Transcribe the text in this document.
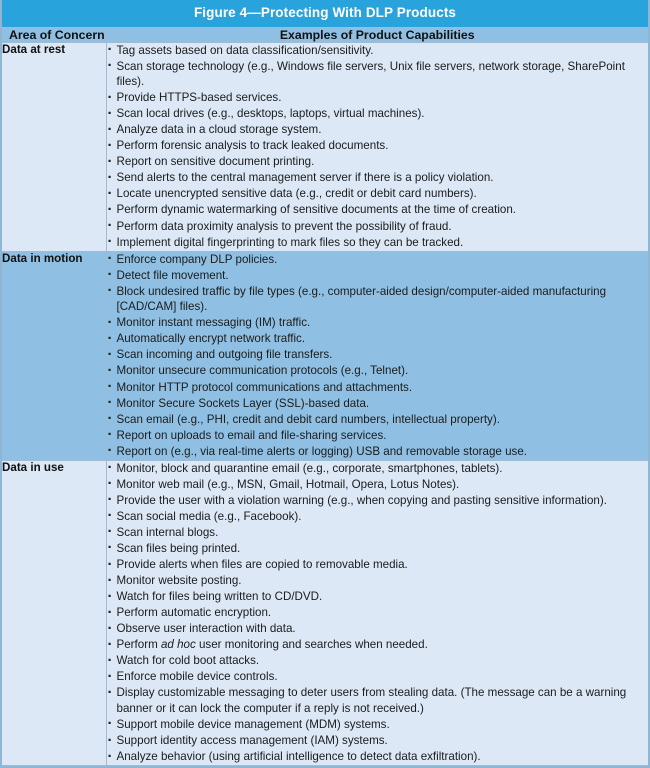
Figure 4—Protecting With DLP Products
Area of Concern	Examples of Product Capabilities
Data at rest	
·Tag assets based on data classification/sensitivity.
· Scan storage technology (e.g., Windows file servers, Unix file servers, network storage, SharePoint files).
· Provide HTTPS-based services.
· Scan local drives (e.g., desktops, laptops, virtual machines).
· Analyze data in a cloud storage system.
· Perform forensic analysis to track leaked documents.
· Report on sensitive document printing.
· Send alerts to the central management server if there is a policy violation.
· Locate unencrypted sensitive data (e.g., credit or debit card numbers).
· Perform dynamic watermarking of sensitive documents at the time of creation.
· Perform data proximity analysis to prevent the possibility of fraud.
· Implement digital fingerprinting to mark files so they can be tracked.

Data in motion	
·Enforce company DLP policies.
· Detect file movement.
· Block undesired traffic by file types (e.g., computer-aided design/computer-aided manufacturing [CAD/CAM] files).
· Monitor instant messaging (IM) traffic.
· Automatically encrypt network traffic.
· Scan incoming and outgoing file transfers.
· Monitor unsecure communication protocols (e.g., Telnet).
· Monitor HTTP protocol communications and attachments.
· Monitor Secure Sockets Layer (SSL)-based data.
· Scan email (e.g., PHI, credit and debit card numbers, intellectual property).
· Report on uploads to email and file-sharing services.
· Report on (e.g., via real-time alerts or logging) USB and removable storage use.

Data in use	
·Monitor, block and quarantine email (e.g., corporate, smartphones, tablets).
· Monitor web mail (e.g., MSN, Gmail, Hotmail, Opera, Lotus Notes).
· Provide the user with a violation warning (e.g., when copying and pasting sensitive information).
· Scan social media (e.g., Facebook).
· Scan internal blogs.
· Scan files being printed.
· Provide alerts when files are copied to removable media.
· Monitor website posting.
· Watch for files being written to CD/DVD.
· Perform automatic encryption.
· Observe user interaction with data.
· Perform ad hoc user monitoring and searches when needed.
· Watch for cold boot attacks.
· Enforce mobile device controls.
· Display customizable messaging to deter users from stealing data. (The message can be a warning banner or it can lock the computer if a reply is not received.)
· Support mobile device management (MDM) systems.
· Support identity access management (IAM) systems.
· Analyze behavior (using artificial intelligence to detect data exfiltration).
